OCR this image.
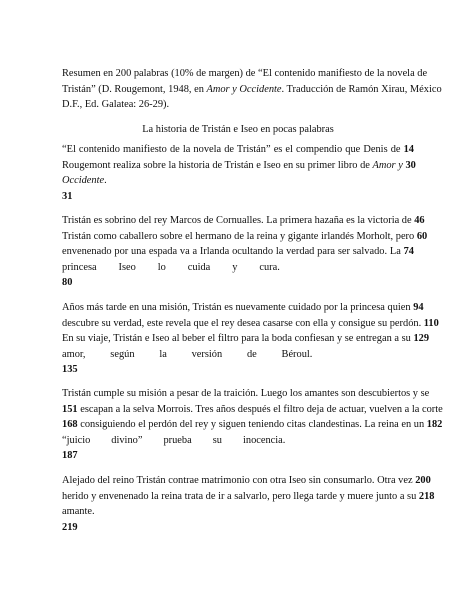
Resumen en 200 palabras (10% de margen) de “El contenido manifiesto de la novela de
Tristán” (D. Rougemont, 1948, en Amor y Occidente. Traducción de Ramón Xirau, México
D.F., Ed. Galatea: 26-29).
La historia de Tristán e Iseo en pocas palabras
“El contenido manifiesto de la novela de Tristán” es el compendio que Denis de 14
Rougemont realiza sobre la historia de Tristán e Iseo en su primer libro de Amor y 30
Occidente.
31
Tristán es sobrino del rey Marcos de Cornualles. La primera hazaña es la victoria de 46
Tristán como caballero sobre el hermano de la reina y gigante irlandés Morholt, pero 60
envenenado por una espada va a Irlanda ocultando la verdad para ser salvado. La 74
princesa Iseo lo cuida y cura.
80
Años más tarde en una misión, Tristán es nuevamente cuidado por la princesa quien 94
descubre su verdad, este revela que el rey desea casarse con ella y consigue su perdón. 110
En su viaje, Tristán e Iseo al beber el filtro para la boda confiesan y se entregan a su 129
amor, según la versión de Béroul.
135
Tristán cumple su misión a pesar de la traición. Luego los amantes son descubiertos y se
151 escapan a la selva Morrois. Tres años después el filtro deja de actuar, vuelven a la corte
168 consiguiendo el perdón del rey y siguen teniendo citas clandestinas. La reina en un 182
“juicio divino” prueba su inocencia.
187
Alejado del reino Tristán contrae matrimonio con otra Iseo sin consumarlo. Otra vez 200
herido y envenenado la reina trata de ir a salvarlo, pero llega tarde y muere junto a su 218
amante.
219
